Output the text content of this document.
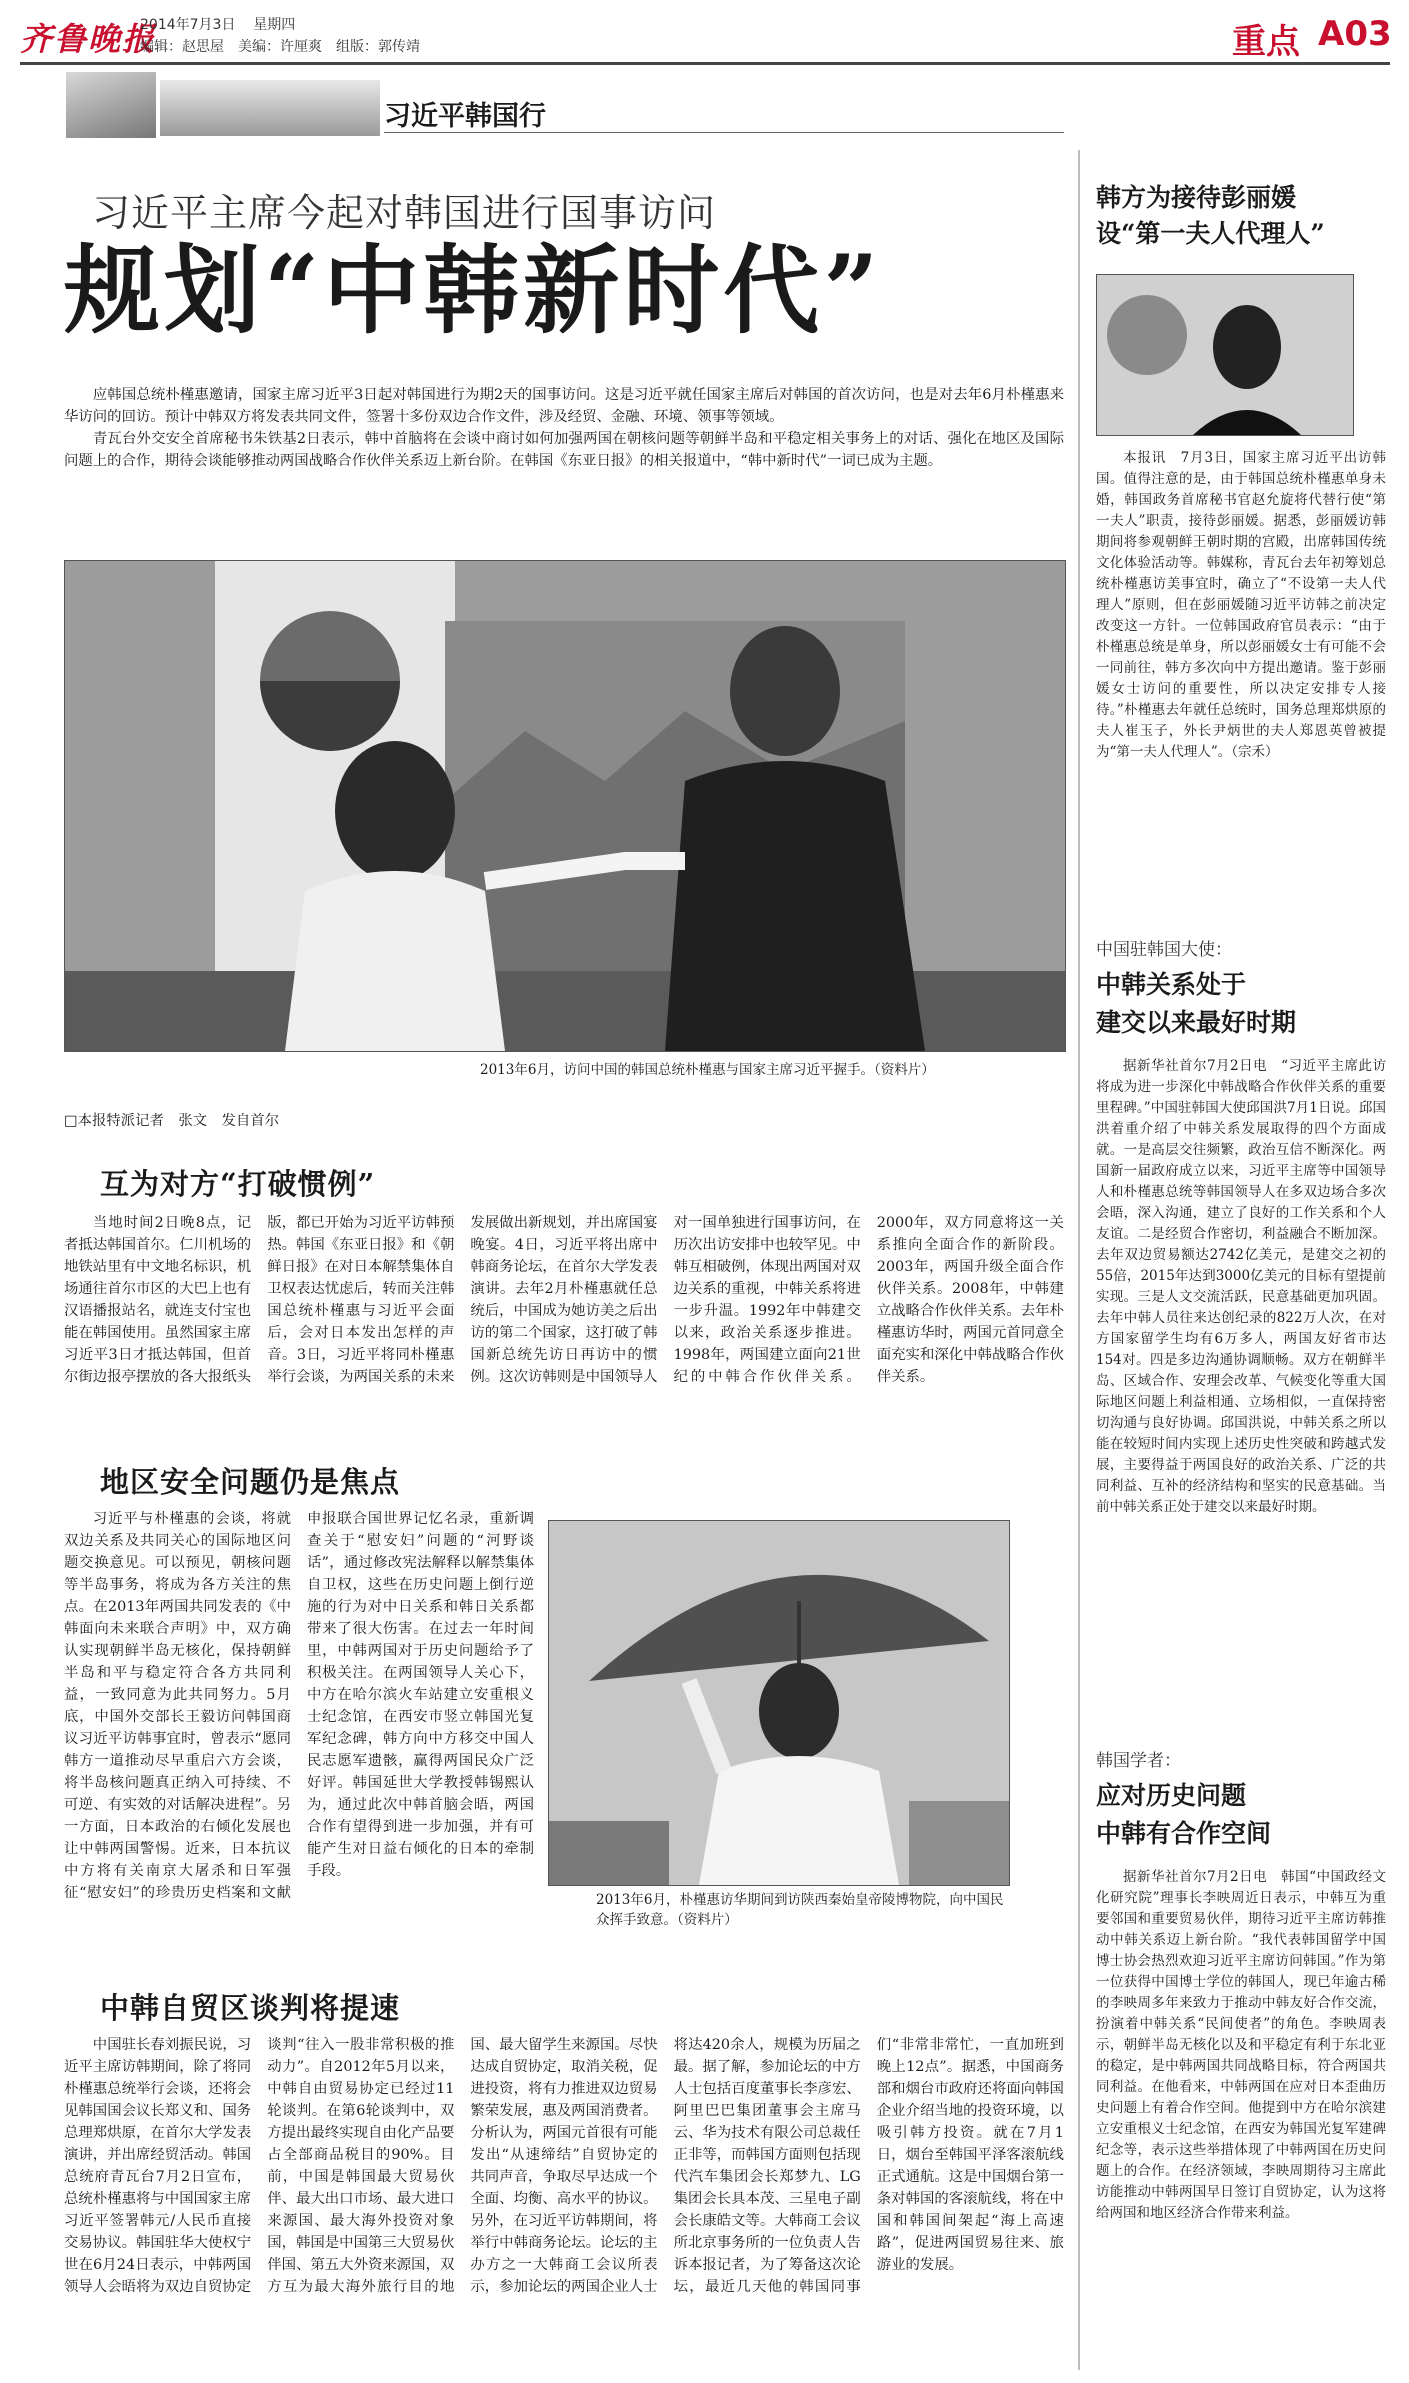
齐鲁晚报
2014年7月3日 星期四
编辑：赵思屋　美编：许厘爽　组版：郭传靖	重点 A03
习近平韩国行
习近平主席今起对韩国进行国事访问
规划“中韩新时代”
应韩国总统朴槿惠邀请，国家主席习近平3日起对韩国进行为期2天的国事访问。这是习近平就任国家主席后对韩国的首次访问，也是对去年6月朴槿惠来华访问的回访。预计中韩双方将发表共同文件，签署十多份双边合作文件，涉及经贸、金融、环境、领事等领域。
青瓦台外交安全首席秘书朱铁基2日表示，韩中首脑将在会谈中商讨如何加强两国在朝核问题等朝鲜半岛和平稳定相关事务上的对话、强化在地区及国际问题上的合作，期待会谈能够推动两国战略合作伙伴关系迈上新台阶。在韩国《东亚日报》的相关报道中，“韩中新时代”一词已成为主题。
2013年6月，访问中国的韩国总统朴槿惠与国家主席习近平握手。（资料片）
□本报特派记者　张文　发自首尔
互为对方“打破惯例”
当地时间2日晚8点，记者抵达韩国首尔。仁川机场的地铁站里有中文地名标识，机场通往首尔市区的大巴上也有汉语播报站名，就连支付宝也能在韩国使用。虽然国家主席习近平3日才抵达韩国，但首尔街边报亭摆放的各大报纸头版，都已开始为习近平访韩预热。韩国《东亚日报》和《朝鲜日报》在对日本解禁集体自卫权表达忧虑后，转而关注韩国总统朴槿惠与习近平会面后，会对日本发出怎样的声音。3日，习近平将同朴槿惠举行会谈，为两国关系的未来发展做出新规划，并出席国宴晚宴。4日，习近平将出席中韩商务论坛，在首尔大学发表演讲。去年2月朴槿惠就任总统后，中国成为她访美之后出访的第二个国家，这打破了韩国新总统先访日再访中的惯例。这次访韩则是中国领导人对一国单独进行国事访问，在历次出访安排中也较罕见。中韩互相破例，体现出两国对双边关系的重视，中韩关系将进一步升温。1992年中韩建交以来，政治关系逐步推进。1998年，两国建立面向21世纪的中韩合作伙伴关系。2000年，双方同意将这一关系推向全面合作的新阶段。2003年，两国升级全面合作伙伴关系。2008年，中韩建立战略合作伙伴关系。去年朴槿惠访华时，两国元首同意全面充实和深化中韩战略合作伙伴关系。
地区安全问题仍是焦点
习近平与朴槿惠的会谈，将就双边关系及共同关心的国际地区问题交换意见。可以预见，朝核问题等半岛事务，将成为各方关注的焦点。在2013年两国共同发表的《中韩面向未来联合声明》中，双方确认实现朝鲜半岛无核化，保持朝鲜半岛和平与稳定符合各方共同利益，一致同意为此共同努力。5月底，中国外交部长王毅访问韩国商议习近平访韩事宜时，曾表示“愿同韩方一道推动尽早重启六方会谈，将半岛核问题真正纳入可持续、不可逆、有实效的对话解决进程”。另一方面，日本政治的右倾化发展也让中韩两国警惕。近来，日本抗议中方将有关南京大屠杀和日军强征“慰安妇”的珍贵历史档案和文献申报联合国世界记忆名录，重新调查关于“慰安妇”问题的“河野谈话”，通过修改宪法解释以解禁集体自卫权，这些在历史问题上倒行逆施的行为对中日关系和韩日关系都带来了很大伤害。在过去一年时间里，中韩两国对于历史问题给予了积极关注。在两国领导人关心下，中方在哈尔滨火车站建立安重根义士纪念馆，在西安市竖立韩国光复军纪念碑，韩方向中方移交中国人民志愿军遗骸，赢得两国民众广泛好评。韩国延世大学教授韩锡熙认为，通过此次中韩首脑会晤，两国合作有望得到进一步加强，并有可能产生对日益右倾化的日本的牵制手段。
2013年6月，朴槿惠访华期间到访陕西秦始皇帝陵博物院，向中国民众挥手致意。（资料片）
中韩自贸区谈判将提速
中国驻长春刘振民说，习近平主席访韩期间，除了将同朴槿惠总统举行会谈，还将会见韩国国会议长郑义和、国务总理郑烘原，在首尔大学发表演讲，并出席经贸活动。韩国总统府青瓦台7月2日宣布，总统朴槿惠将与中国国家主席习近平签署韩元/人民币直接交易协议。韩国驻华大使权宁世在6月24日表示，中韩两国领导人会晤将为双边自贸协定谈判“往入一股非常积极的推动力”。自2012年5月以来，中韩自由贸易协定已经过11轮谈判。在第6轮谈判中，双方提出最终实现自由化产品要占全部商品税目的90%。目前，中国是韩国最大贸易伙伴、最大出口市场、最大进口来源国、最大海外投资对象国，韩国是中国第三大贸易伙伴国、第五大外资来源国，双方互为最大海外旅行目的地国、最大留学生来源国。尽快达成自贸协定，取消关税，促进投资，将有力推进双边贸易繁荣发展，惠及两国消费者。分析认为，两国元首很有可能发出“从速缔结”自贸协定的共同声音，争取尽早达成一个全面、均衡、高水平的协议。另外，在习近平访韩期间，将举行中韩商务论坛。论坛的主办方之一大韩商工会议所表示，参加论坛的两国企业人士将达420余人，规模为历届之最。据了解，参加论坛的中方人士包括百度董事长李彦宏、阿里巴巴集团董事会主席马云、华为技术有限公司总裁任正非等，而韩国方面则包括现代汽车集团会长郑梦九、LG集团会长具本茂、三星电子副会长康皓文等。大韩商工会议所北京事务所的一位负责人告诉本报记者，为了筹备这次论坛，最近几天他的韩国同事们“非常非常忙，一直加班到晚上12点”。据悉，中国商务部和烟台市政府还将面向韩国企业介绍当地的投资环境，以吸引韩方投资。就在7月1日，烟台至韩国平泽客滚航线正式通航。这是中国烟台第一条对韩国的客滚航线，将在中国和韩国间架起“海上高速路”，促进两国贸易往来、旅游业的发展。
韩方为接待彭丽媛
设“第一夫人代理人”
本报讯　7月3日，国家主席习近平出访韩国。值得注意的是，由于韩国总统朴槿惠单身未婚，韩国政务首席秘书官赵允旋将代替行使“第一夫人”职责，接待彭丽媛。据悉，彭丽媛访韩期间将参观朝鲜王朝时期的宫殿，出席韩国传统文化体验活动等。韩媒称，青瓦台去年初筹划总统朴槿惠访美事宜时，确立了“不设第一夫人代理人”原则，但在彭丽媛随习近平访韩之前决定改变这一方针。一位韩国政府官员表示：“由于朴槿惠总统是单身，所以彭丽媛女士有可能不会一同前往，韩方多次向中方提出邀请。鉴于彭丽媛女士访问的重要性，所以决定安排专人接待。”朴槿惠去年就任总统时，国务总理郑烘原的夫人崔玉子，外长尹炳世的夫人郑恩英曾被提为“第一夫人代理人”。（宗禾）
中国驻韩国大使：
中韩关系处于
建交以来最好时期
据新华社首尔7月2日电　“习近平主席此访将成为进一步深化中韩战略合作伙伴关系的重要里程碑。”中国驻韩国大使邱国洪7月1日说。邱国洪着重介绍了中韩关系发展取得的四个方面成就。一是高层交往频繁，政治互信不断深化。两国新一届政府成立以来，习近平主席等中国领导人和朴槿惠总统等韩国领导人在多双边场合多次会晤，深入沟通，建立了良好的工作关系和个人友谊。二是经贸合作密切，利益融合不断加深。去年双边贸易额达2742亿美元，是建交之初的55倍，2015年达到3000亿美元的目标有望提前实现。三是人文交流活跃，民意基础更加巩固。去年中韩人员往来达创纪录的822万人次，在对方国家留学生均有6万多人，两国友好省市达154对。四是多边沟通协调顺畅。双方在朝鲜半岛、区域合作、安理会改革、气候变化等重大国际地区问题上利益相通、立场相似，一直保持密切沟通与良好协调。邱国洪说，中韩关系之所以能在较短时间内实现上述历史性突破和跨越式发展，主要得益于两国良好的政治关系、广泛的共同利益、互补的经济结构和坚实的民意基础。当前中韩关系正处于建交以来最好时期。
韩国学者：
应对历史问题
中韩有合作空间
据新华社首尔7月2日电　韩国“中国政经文化研究院”理事长李映周近日表示，中韩互为重要邻国和重要贸易伙伴，期待习近平主席访韩推动中韩关系迈上新台阶。“我代表韩国留学中国博士协会热烈欢迎习近平主席访问韩国。”作为第一位获得中国博士学位的韩国人，现已年逾古稀的李映周多年来致力于推动中韩友好合作交流，扮演着中韩关系“民间使者”的角色。李映周表示，朝鲜半岛无核化以及和平稳定有利于东北亚的稳定，是中韩两国共同战略目标，符合两国共同利益。在他看来，中韩两国在应对日本歪曲历史问题上有着合作空间。他提到中方在哈尔滨建立安重根义士纪念馆，在西安为韩国光复军建碑纪念等，表示这些举措体现了中韩两国在历史问题上的合作。在经济领域，李映周期待习主席此访能推动中韩两国早日签订自贸协定，认为这将给两国和地区经济合作带来利益。
